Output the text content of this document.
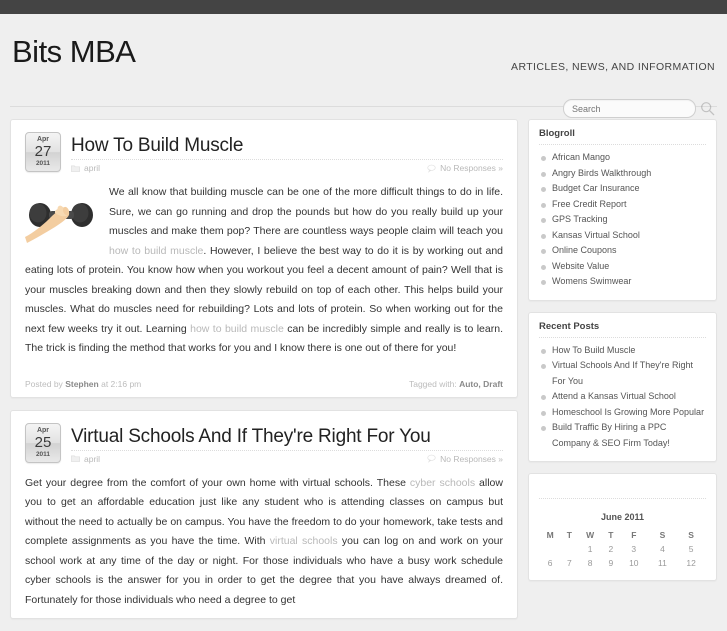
Bits MBA	ARTICLES, NEWS, AND INFORMATION
Search
Apr
27
2011
How To Build Muscle
april	No Responses »
We all know that building muscle can be one of the more difficult things to do in life. Sure, we can go running and drop the pounds but how do you really build up your muscles and make them pop? There are countless ways people claim will teach you how to build muscle. However, I believe the best way to do it is by working out and eating lots of protein. You know how when you workout you feel a decent amount of pain? Well that is your muscles breaking down and then they slowly rebuild on top of each other. This helps build your muscles. What do muscles need for rebuilding? Lots and lots of protein. So when working out for the next few weeks try it out. Learning how to build muscle can be incredibly simple and really is to learn. The trick is finding the method that works for you and I know there is one out of there for you!
Posted by Stephen at 2:16 pm	Tagged with: Auto, Draft
Apr
25
2011
Virtual Schools And If They're Right For You
april	No Responses »
Get your degree from the comfort of your own home with virtual schools. These cyber schools allow you to get an affordable education just like any student who is attending classes on campus but without the need to actually be on campus. You have the freedom to do your homework, take tests and complete assignments as you have the time. With virtual schools you can log on and work on your school work at any time of the day or night. For those individuals who have a busy work schedule cyber schools is the answer for you in order to get the degree that you have always dreamed of. Fortunately for those individuals who need a degree to get
Blogroll
African Mango
Angry Birds Walkthrough
Budget Car Insurance
Free Credit Report
GPS Tracking
Kansas Virtual School
Online Coupons
Website Value
Womens Swimwear
Recent Posts
How To Build Muscle
Virtual Schools And If They're Right For You
Attend a Kansas Virtual School
Homeschool Is Growing More Popular
Build Traffic By Hiring a PPC Company & SEO Firm Today!

June 2011
M	T	W	T	F	S	S
		1	2	3	4	5
6	7	8	9	10	11	12
